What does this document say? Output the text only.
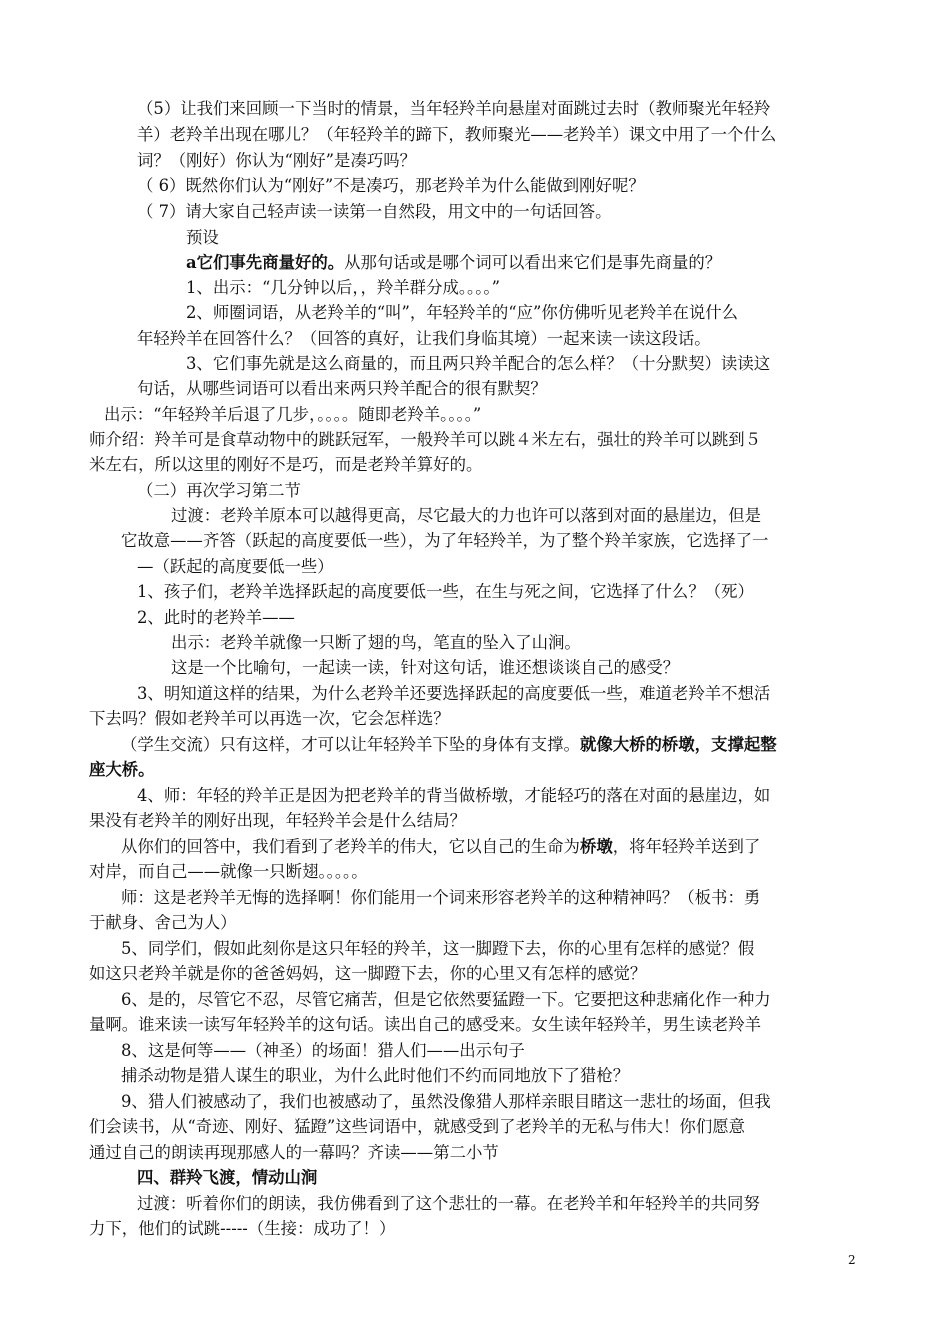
（5）让我们来回顾一下当时的情景，当年轻羚羊向悬崖对面跳过去时（教师聚光年轻羚
羊）老羚羊出现在哪儿？（年轻羚羊的蹄下，教师聚光——老羚羊）课文中用了一个什么
词？（刚好）你认为“刚好”是凑巧吗？
（ 6）既然你们认为“刚好”不是凑巧，那老羚羊为什么能做到刚好呢？
（ 7）请大家自己轻声读一读第一自然段，用文中的一句话回答。
预设
a它们事先商量好的。从那句话或是哪个词可以看出来它们是事先商量的？
1、出示：“几分钟以后，，羚羊群分成。。。。”
2、师圈词语，从老羚羊的“叫”，年轻羚羊的“应”你仿佛听见老羚羊在说什么
年轻羚羊在回答什么？（回答的真好，让我们身临其境）一起来读一读这段话。
3、它们事先就是这么商量的，而且两只羚羊配合的怎么样？（十分默契）读读这
句话，从哪些词语可以看出来两只羚羊配合的很有默契？
出示：“年轻羚羊后退了几步，。。。。随即老羚羊。。。。”
师介绍：羚羊可是食草动物中的跳跃冠军，一般羚羊可以跳４米左右，强壮的羚羊可以跳到５
米左右，所以这里的刚好不是巧，而是老羚羊算好的。
（二）再次学习第二节
过渡：老羚羊原本可以越得更高，尽它最大的力也许可以落到对面的悬崖边，但是
它故意——齐答（跃起的高度要低一些），为了年轻羚羊，为了整个羚羊家族，它选择了一
—（跃起的高度要低一些）
1、孩子们，老羚羊选择跃起的高度要低一些，在生与死之间，它选择了什么？（死）
2、此时的老羚羊——
出示：老羚羊就像一只断了翅的鸟，笔直的坠入了山涧。
这是一个比喻句，一起读一读，针对这句话，谁还想谈谈自己的感受？
3、明知道这样的结果，为什么老羚羊还要选择跃起的高度要低一些，难道老羚羊不想活
下去吗？假如老羚羊可以再选一次，它会怎样选？
（学生交流）只有这样，才可以让年轻羚羊下坠的身体有支撑。就像大桥的桥墩，支撑起整
座大桥。
4、师：年轻的羚羊正是因为把老羚羊的背当做桥墩，才能轻巧的落在对面的悬崖边，如
果没有老羚羊的刚好出现，年轻羚羊会是什么结局？
从你们的回答中，我们看到了老羚羊的伟大，它以自己的生命为桥墩，将年轻羚羊送到了
对岸，而自己——就像一只断翅。。。。。
师：这是老羚羊无悔的选择啊！你们能用一个词来形容老羚羊的这种精神吗？（板书：勇
于献身、舍己为人）
5、同学们，假如此刻你是这只年轻的羚羊，这一脚蹬下去，你的心里有怎样的感觉？假
如这只老羚羊就是你的爸爸妈妈，这一脚蹬下去，你的心里又有怎样的感觉？
6、是的，尽管它不忍，尽管它痛苦，但是它依然要猛蹬一下。它要把这种悲痛化作一种力
量啊。谁来读一读写年轻羚羊的这句话。读出自己的感受来。女生读年轻羚羊，男生读老羚羊
8、这是何等——（神圣）的场面！猎人们——出示句子
捕杀动物是猎人谋生的职业，为什么此时他们不约而同地放下了猎枪？
9、猎人们被感动了，我们也被感动了，虽然没像猎人那样亲眼目睹这一悲壮的场面，但我
们会读书，从“奇迹、刚好、猛蹬”这些词语中，就感受到了老羚羊的无私与伟大！你们愿意
通过自己的朗读再现那感人的一幕吗？齐读——第二小节
四、群羚飞渡，情动山涧
过渡：听着你们的朗读，我仿佛看到了这个悲壮的一幕。在老羚羊和年轻羚羊的共同努
力下，他们的试跳-----（生接：成功了！）
2
